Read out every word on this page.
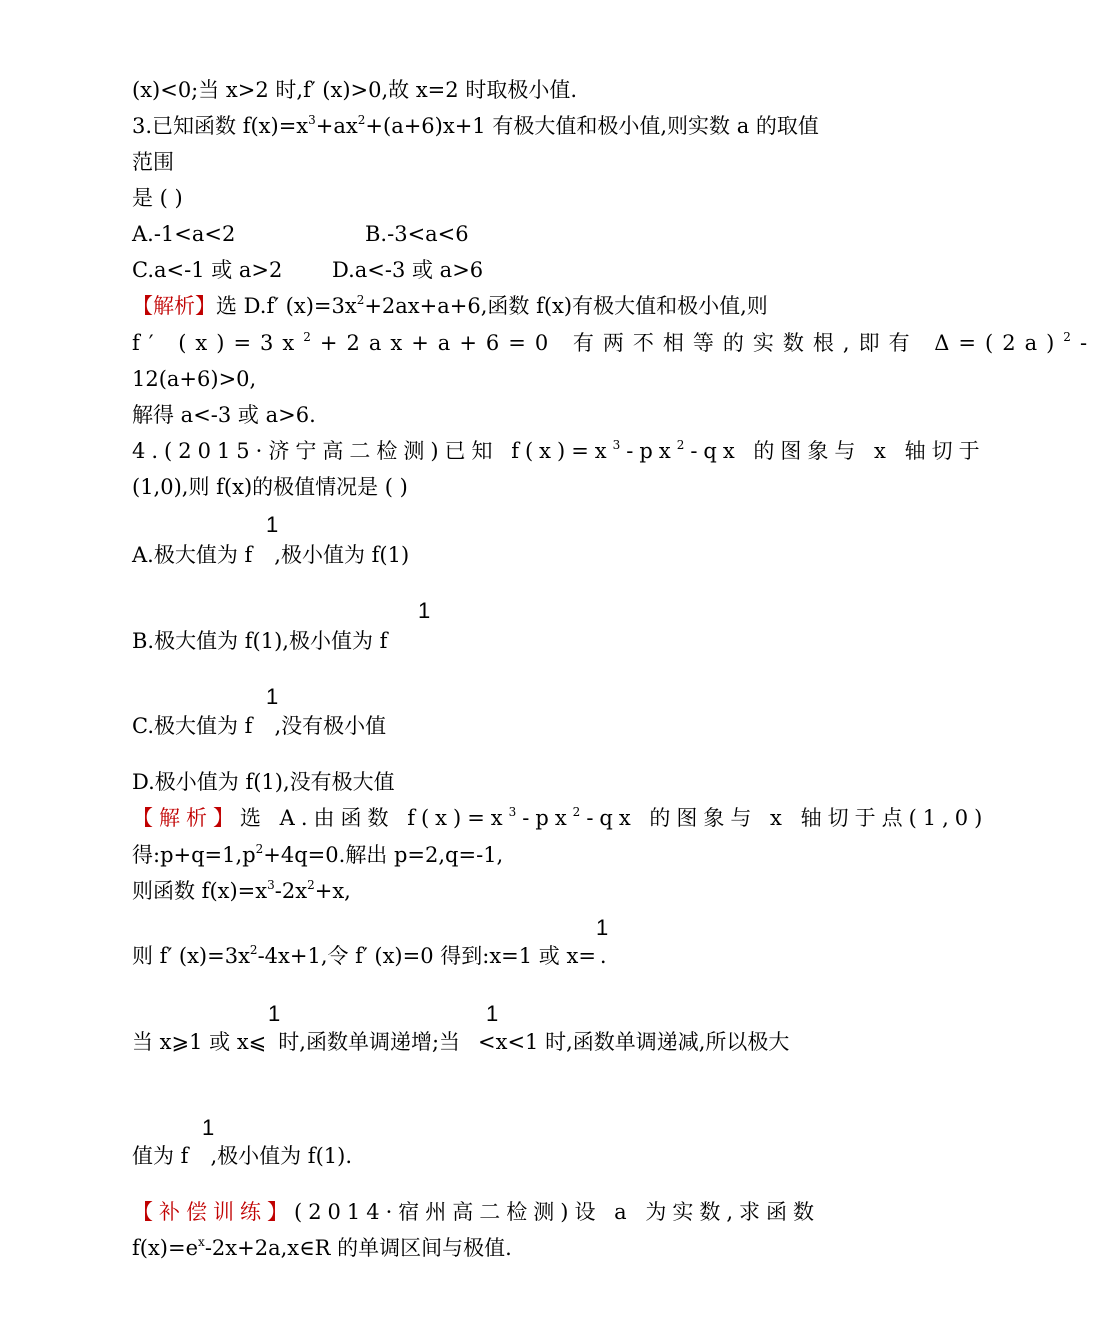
(x)<0;当 x>2 时,f′ (x)>0,故 x=2 时取极小值.
3.已知函数 $f(x)=x^3+ax^2+(a+6)x+1$ 有极大值和极小值,则实数 a 的取值
范围
是 ( )
A.-1<a<2	B.-3<a<6
C.a<-1 或 a>2 D.a<-3 或 a>6
【解析】选 D.f′ $(x)=3x^2+2ax+a+6$,函数 f(x)有极大值和极小值,则
f′ $(x)=3x^2+2ax+a+6=0$ 有两不相等的实数根,即有 $\Delta=(2a)^2-$
12(a+6)>0,
解得 a<-3 或 a>6.
4.(2015·济宁高二检测)已知 $f(x)=x^3-px^2-qx$ 的图象与 x 轴切于
(1,0),则 f(x)的极值情况是 ( )
A.极大值为 f ,极小值为 f(1)
1
B.极大值为 f(1),极小值为 f
1
C.极大值为 f ,没有极小值
1
D.极小值为 f(1),没有极大值
【解析】选 A.由函数 $f(x)=x^3-px^2-qx$ 的图象与 x 轴切于点(1,0)
得$:p+q=1,p^2+4q=0$.解出 p=2,q=-1,
则函数 $f(x)=x^3-2x^2+x$,
则 f′ $(x)=3x^2-4x+1$,令 f′ (x)=0 得到:x=1 或 x= .
1
当 x⩾1 或 x⩽ 时,函数单调递增;当 <x<1 时,函数单调递减,所以极大
1	1
值为 f ,极小值为 f(1).
1
【补偿训练】(2014·宿州高二检测)设 a 为实数,求函数
$f(x)=e^x-2x+2a,x\in R$ 的单调区间与极值.
